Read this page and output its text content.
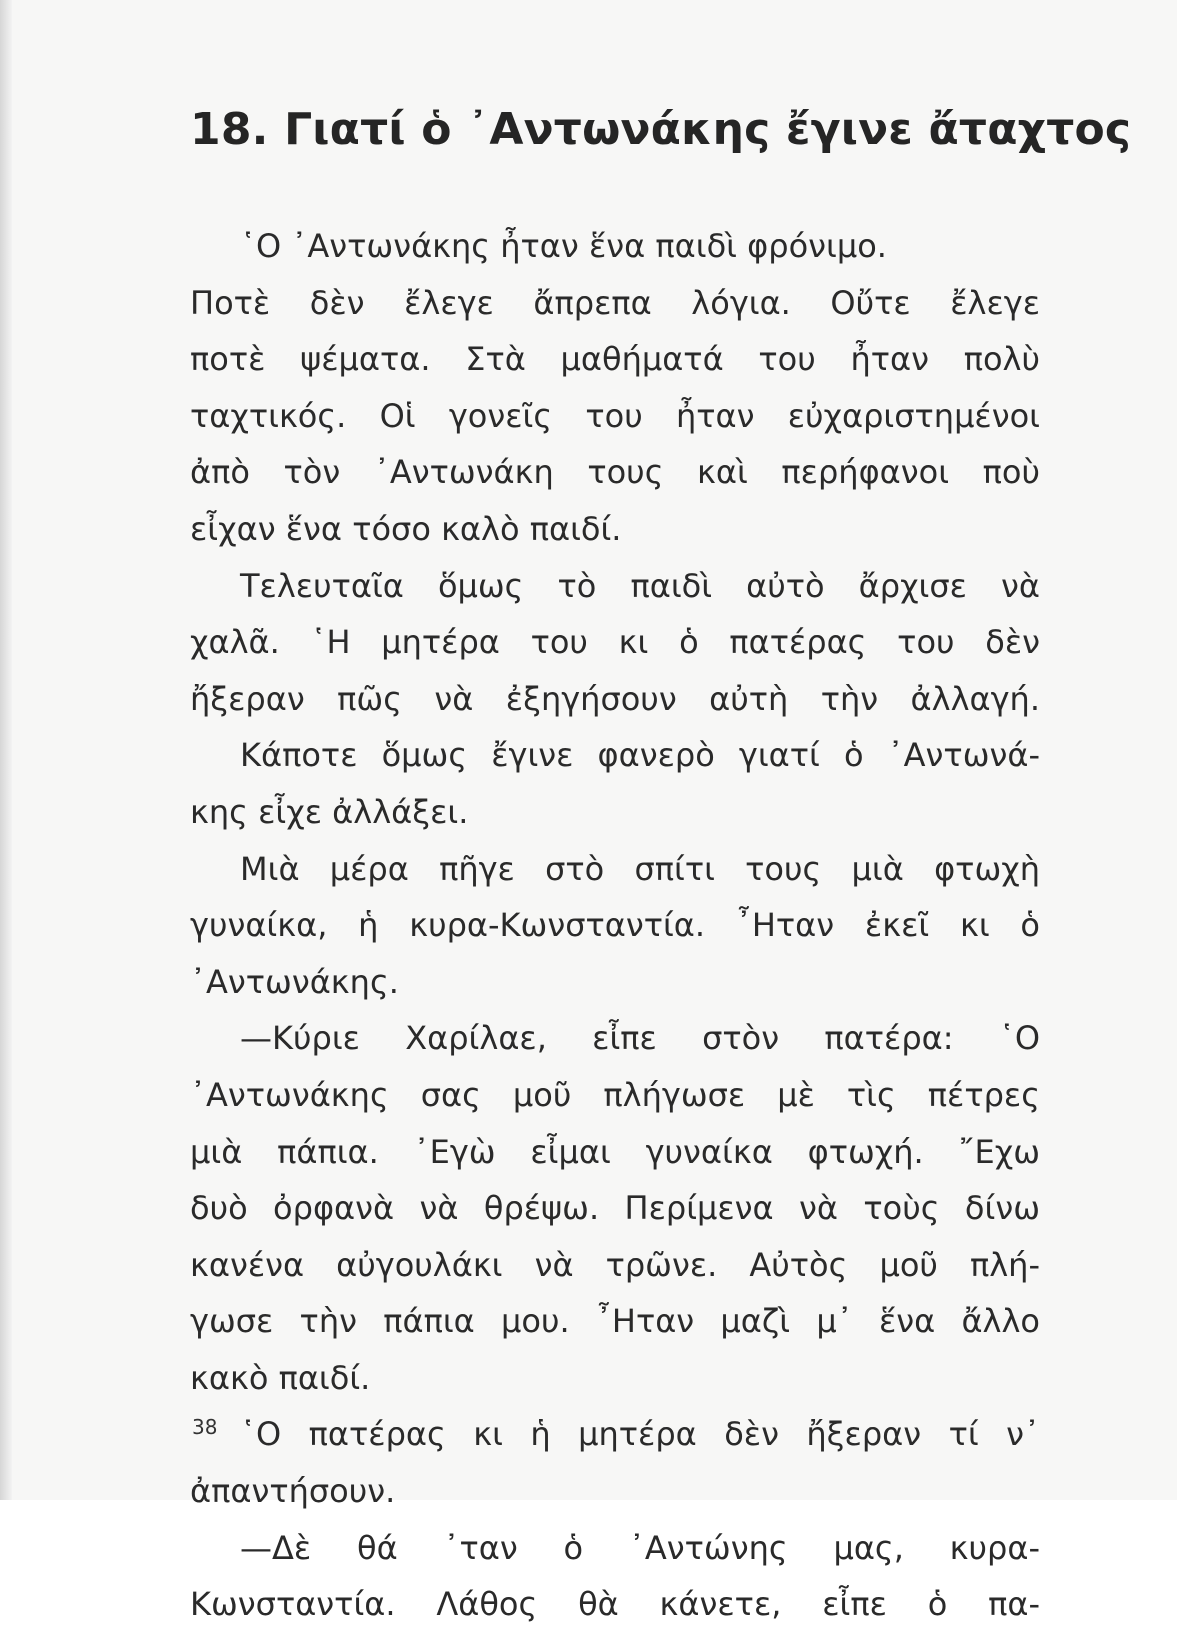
18. Γιατί ὁ ᾿Αντωνάκης ἔγινε ἄταχτος
῾Ο ᾿Αντωνάκης ἦταν ἕνα παιδὶ φρόνιμο.
Ποτὲ δὲν ἔλεγε ἄπρεπα λόγια. Οὔτε ἔλεγε
ποτὲ ψέματα. Στὰ μαθήματά του ἦταν πολὺ
ταχτικός. Οἱ γονεῖς του ἦταν εὐχαριστημένοι
ἀπὸ τὸν ᾿Αντωνάκη τους καὶ περήφανοι ποὺ
εἶχαν ἕνα τόσο καλὸ παιδί.
Τελευταῖα ὅμως τὸ παιδὶ αὐτὸ ἄρχισε νὰ
χαλᾶ. ῾Η μητέρα του κι ὁ πατέρας του δὲν
ἤξεραν πῶς νὰ ἐξηγήσουν αὐτὴ τὴν ἀλλαγή.
Κάποτε ὅμως ἔγινε φανερὸ γιατί ὁ ᾿Αντωνά-
κης εἶχε ἀλλάξει.
Μιὰ μέρα πῆγε στὸ σπίτι τους μιὰ φτωχὴ
γυναίκα, ἡ κυρα-Κωνσταντία. ῏Ηταν ἐκεῖ κι ὁ
᾿Αντωνάκης.
—Κύριε Χαρίλαε, εἶπε στὸν πατέρα: ῾Ο
᾿Αντωνάκης σας μοῦ πλήγωσε μὲ τὶς πέτρες
μιὰ πάπια. ᾿Εγὼ εἶμαι γυναίκα φτωχή. ῎Εχω
δυὸ ὀρφανὰ νὰ θρέψω. Περίμενα νὰ τοὺς δίνω
κανένα αὐγουλάκι νὰ τρῶνε. Αὐτὸς μοῦ πλή-
γωσε τὴν πάπια μου. ῏Ηταν μαζὶ μ᾿ ἕνα ἄλλο
κακὸ παιδί.
῾Ο πατέρας κι ἡ μητέρα δὲν ἤξεραν τί ν᾿
ἀπαντήσουν.
—Δὲ θά ᾿ταν ὁ ᾿Αντώνης μας, κυρα-
Κωνσταντία. Λάθος θὰ κάνετε, εἶπε ὁ πα-
38
